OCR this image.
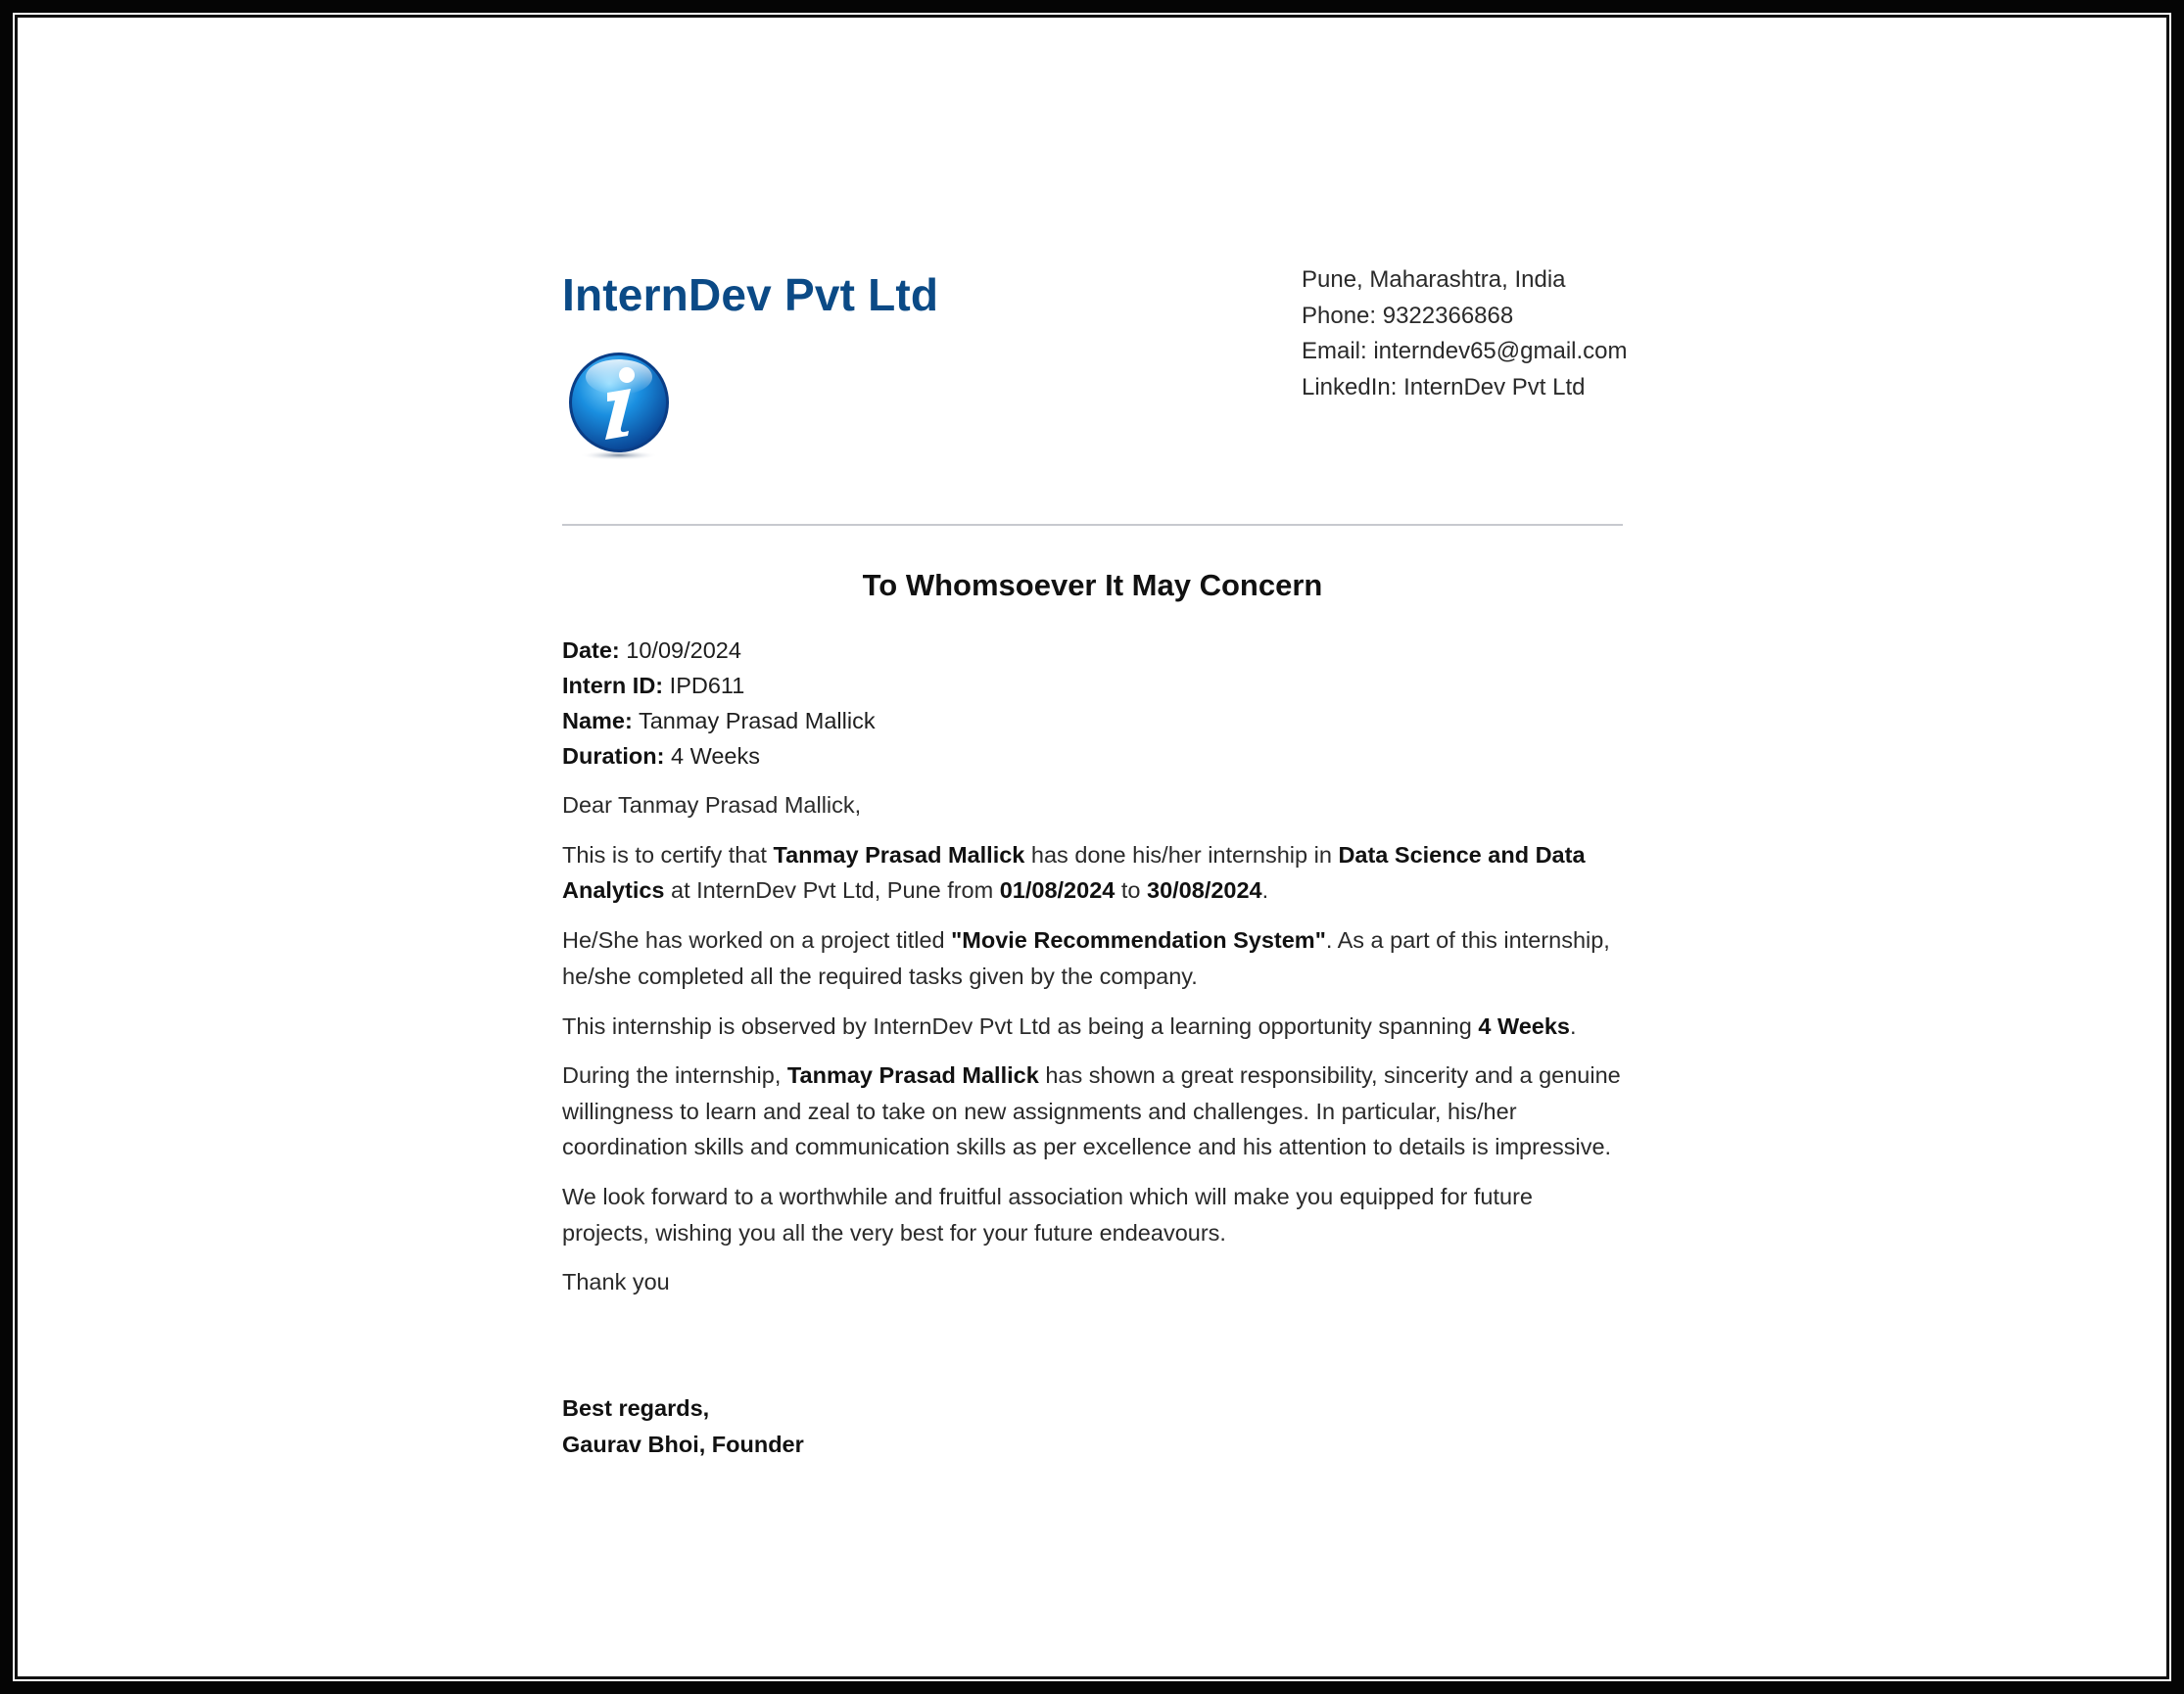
InternDev Pvt Ltd	Pune, Maharashtra, India
Phone: 9322366868
Email: interndev65@gmail.com
LinkedIn: InternDev Pvt Ltd
To Whomsoever It May Concern
Date: 10/09/2024
Intern ID: IPD611
Name: Tanmay Prasad Mallick
Duration: 4 Weeks

Dear Tanmay Prasad Mallick,

This is to certify that Tanmay Prasad Mallick has done his/her internship in Data Science and Data Analytics at InternDev Pvt Ltd, Pune from 01/08/2024 to 30/08/2024.

He/She has worked on a project titled "Movie Recommendation System". As a part of this internship, he/she completed all the required tasks given by the company.

This internship is observed by InternDev Pvt Ltd as being a learning opportunity spanning 4 Weeks.

During the internship, Tanmay Prasad Mallick has shown a great responsibility, sincerity and a genuine willingness to learn and zeal to take on new assignments and challenges. In particular, his/her coordination skills and communication skills as per excellence and his attention to details is impressive.

We look forward to a worthwhile and fruitful association which will make you equipped for future projects, wishing you all the very best for your future endeavours.

Thank you

Best regards,
Gaurav Bhoi, Founder
